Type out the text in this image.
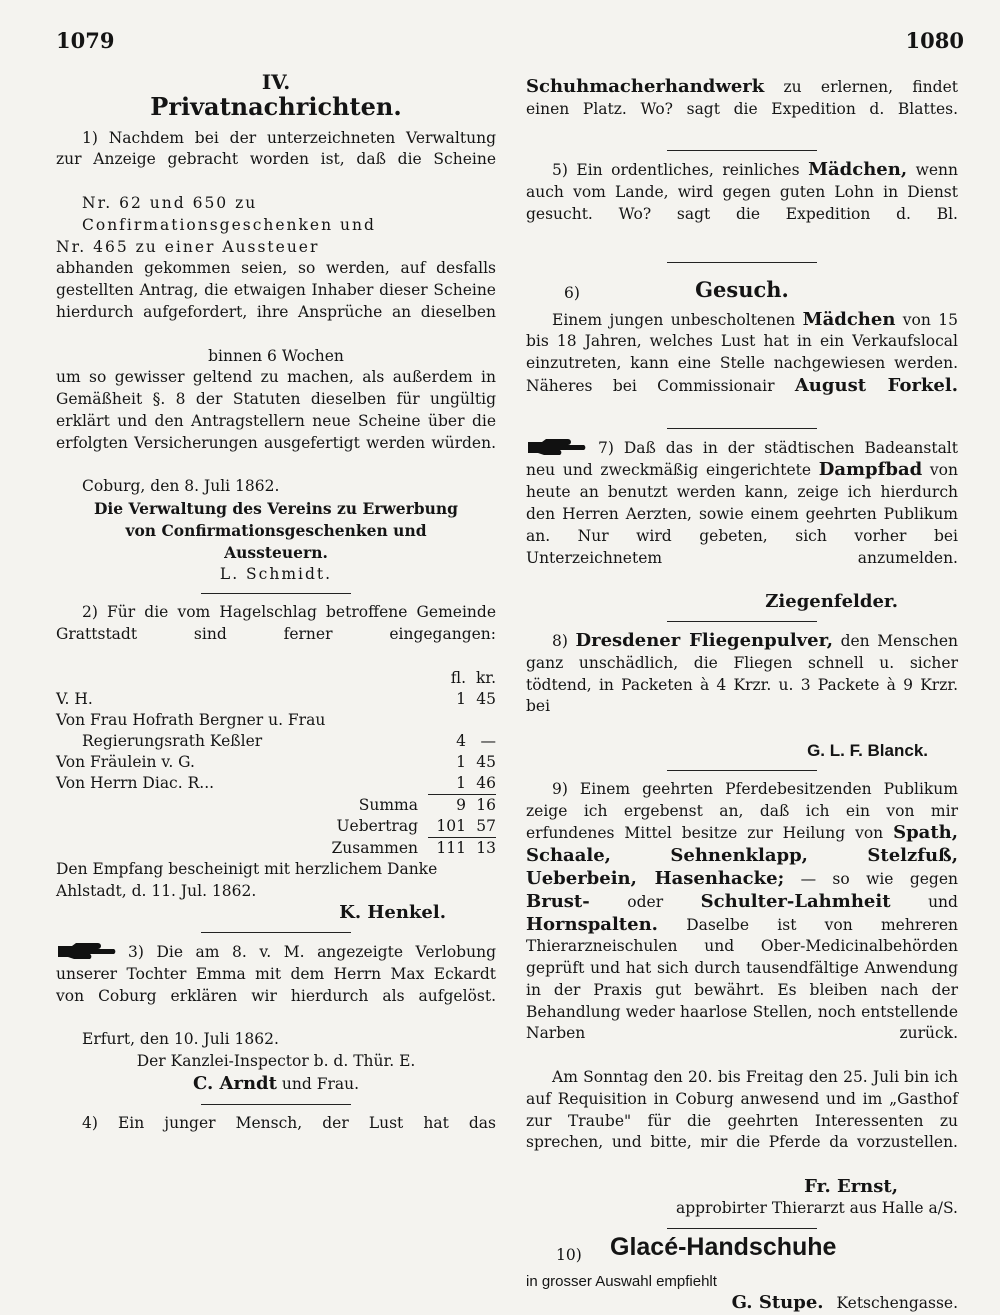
1079	1080
IV.
Privatnachrichten.
1) Nachdem bei der unterzeichneten Verwaltung zur Anzeige gebracht worden ist, daß die Scheine
Nr. 62 und 650 zu Confirmationsgeschenken und
Nr. 465 zu einer Aussteuer
abhanden gekommen seien, so werden, auf desfalls gestellten Antrag, die etwaigen Inhaber dieser Scheine hierdurch aufgefordert, ihre Ansprüche an dieselben
binnen 6 Wochen
um so gewisser geltend zu machen, als außerdem in Gemäßheit §. 8 der Statuten dieselben für ungültig erklärt und den Antragstellern neue Scheine über die erfolgten Versicherungen ausgefertigt werden würden.
Coburg, den 8. Juli 1862.
Die Verwaltung des Vereins zu Erwerbung von Confirmationsgeschenken und Aussteuern.
L. Schmidt.
2) Für die vom Hagelschlag betroffene Gemeinde Grattstadt sind ferner eingegangen:
	fl.	kr.
V. H.	1	45
Von Frau Hofrath Bergner u. Frau Regierungsrath Keßler	4	—
Von Fräulein v. G.	1	45
Von Herrn Diac. R...	1	46
Summa	9	16
Uebertrag	101	57
Zusammen	111	13
Den Empfang bescheinigt mit herzlichem Danke
Ahlstadt, d. 11. Jul. 1862.
K. Henkel.
3) Die am 8. v. M. angezeigte Verlobung unserer Tochter Emma mit dem Herrn Max Eckardt von Coburg erklären wir hierdurch als aufgelöst.
Erfurt, den 10. Juli 1862.
Der Kanzlei-Inspector b. d. Thür. E.
C. Arndt und Frau.
4) Ein junger Mensch, der Lust hat das
Schuhmacherhandwerk zu erlernen, findet einen Platz. Wo? sagt die Expedition d. Blattes.
5) Ein ordentliches, reinliches Mädchen, wenn auch vom Lande, wird gegen guten Lohn in Dienst gesucht. Wo? sagt die Expedition d. Bl.
6)	Gesuch.
Einem jungen unbescholtenen Mädchen von 15 bis 18 Jahren, welches Lust hat in ein Verkaufslocal einzutreten, kann eine Stelle nachgewiesen werden. Näheres bei Commissionair August Forkel.
7) Daß das in der städtischen Badeanstalt neu und zweckmäßig eingerichtete Dampfbad von heute an benutzt werden kann, zeige ich hierdurch den Herren Aerzten, sowie einem geehrten Publikum an. Nur wird gebeten, sich vorher bei Unterzeichnetem anzumelden.
Ziegenfelder.
8) Dresdener Fliegenpulver, den Menschen ganz unschädlich, die Fliegen schnell u. sicher tödtend, in Packeten à 4 Krzr. u. 3 Packete à 9 Krzr. bei
G. L. F. Blanck.
9) Einem geehrten Pferdebesitzenden Publikum zeige ich ergebenst an, daß ich ein von mir erfundenes Mittel besitze zur Heilung von Spath, Schaale, Sehnenklapp, Stelzfuß, Ueberbein, Hasenhacke; — so wie gegen Brust- oder Schulter-Lahmheit und Hornspalten. Daselbe ist von mehreren Thierarzneischulen und Ober-Medicinalbehörden geprüft und hat sich durch tausendfältige Anwendung in der Praxis gut bewährt. Es bleiben nach der Behandlung weder haarlose Stellen, noch entstellende Narben zurück.
Am Sonntag den 20. bis Freitag den 25. Juli bin ich auf Requisition in Coburg anwesend und im „Gasthof zur Traube" für die geehrten Interessenten zu sprechen, und bitte, mir die Pferde da vorzustellen.
Fr. Ernst,
approbirter Thierarzt aus Halle a/S.
10) Glacé-Handschuhe
in grosser Auswahl empfiehlt
G. Stupe. Ketschengasse.
